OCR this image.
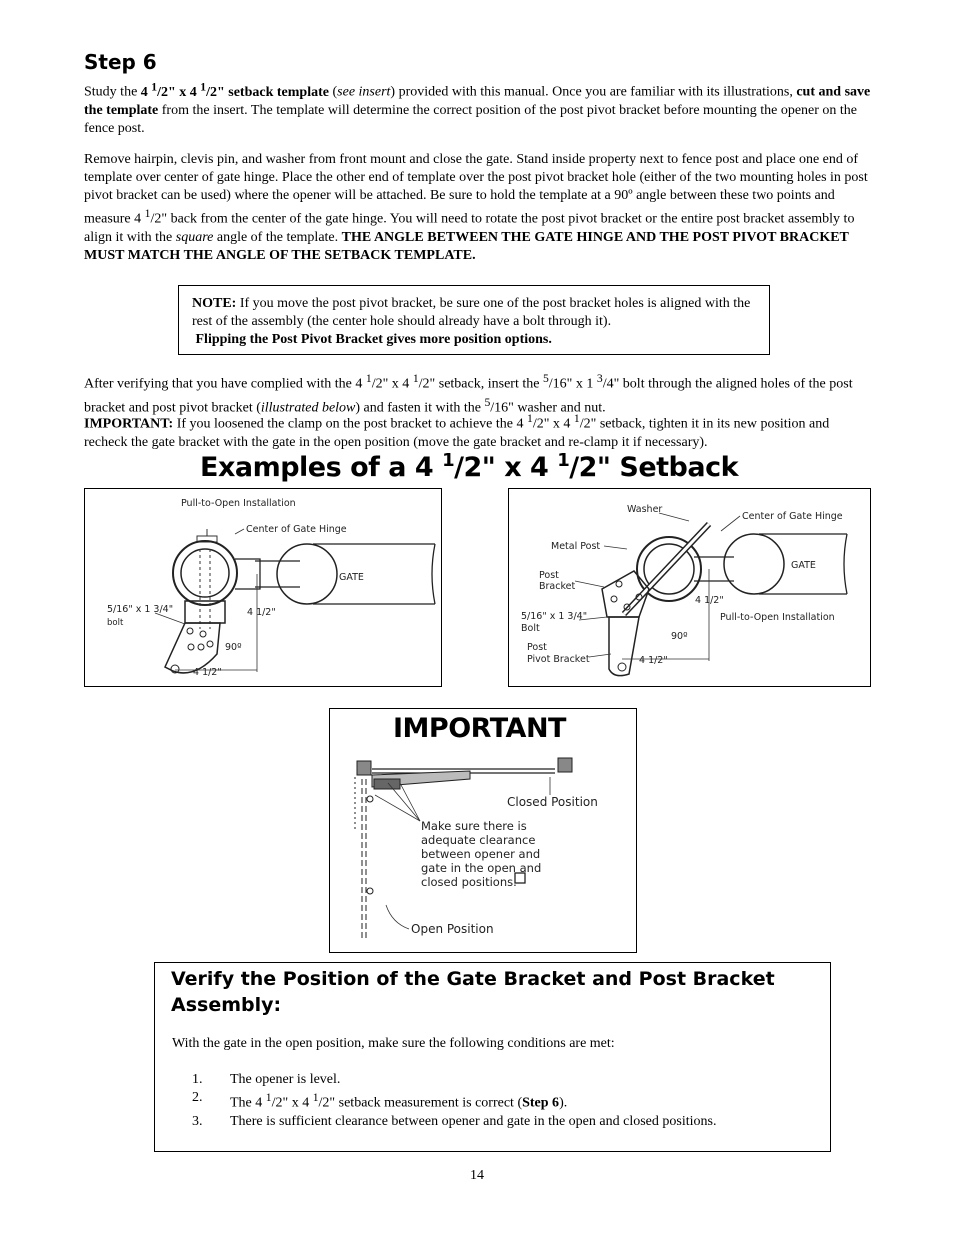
Step 6
Study the 4 $^1$/2" x 4 $^1$/2" setback template (see insert) provided with this manual. Once you are familiar with its illustrations, cut and save the template from the insert. The template will determine the correct position of the post pivot bracket before mounting the opener on the fence post.
Remove hairpin, clevis pin, and washer from front mount and close the gate. Stand inside property next to fence post and place one end of template over center of gate hinge. Place the other end of template over the post pivot bracket hole (either of the two mounting holes in post pivot bracket can be used) where the opener will be attached. Be sure to hold the template at a 90º angle between these two points and measure 4 $^1$/2" back from the center of the gate hinge. You will need to rotate the post pivot bracket or the entire post bracket assembly to align it with the square angle of the template. THE ANGLE BETWEEN THE GATE HINGE AND THE POST PIVOT BRACKET MUST MATCH THE ANGLE OF THE SETBACK TEMPLATE.
NOTE: If you move the post pivot bracket, be sure one of the post bracket holes is aligned with the rest of the assembly (the center hole should already have a bolt through it).
Flipping the Post Pivot Bracket gives more position options.
After verifying that you have complied with the 4 $^1$/2" x 4 $^1$/2" setback, insert the $^5$/16" x 1 $^3$/4" bolt through the aligned holes of the post bracket and post pivot bracket (illustrated below) and fasten it with the $^5$/16" washer and nut.
IMPORTANT: If you loosened the clamp on the post bracket to achieve the 4 $^1$/2" x 4 $^1$/2" setback, tighten it in its new position and recheck the gate bracket with the gate in the open position (move the gate bracket and re-clamp it if necessary).
Examples of a 4 $^1$/2" x 4 $^1$/2" Setback
Pull-to-Open Installation
Center of Gate Hinge
GATE
5/16" x 1 3/4"
bolt
4 1/2"
90º
4 1/2"
Washer
Center of Gate Hinge
Metal Post
GATE
Post
Bracket
5/16" x 1 3/4"
Bolt
Post
Pivot Bracket
4 1/2"
Pull-to-Open Installation
90º
4 1/2"
IMPORTANT
Closed Position
Make sure there is
adequate clearance
between opener and
gate in the open and
closed positions.
Open Position
Verify the Position of the Gate Bracket and Post Bracket Assembly:
With the gate in the open position, make sure the following conditions are met:
1. The opener is level.
2. The 4 $^1$/2" x 4 $^1$/2" setback measurement is correct (Step 6).
3. There is sufficient clearance between opener and gate in the open and closed positions.
14
